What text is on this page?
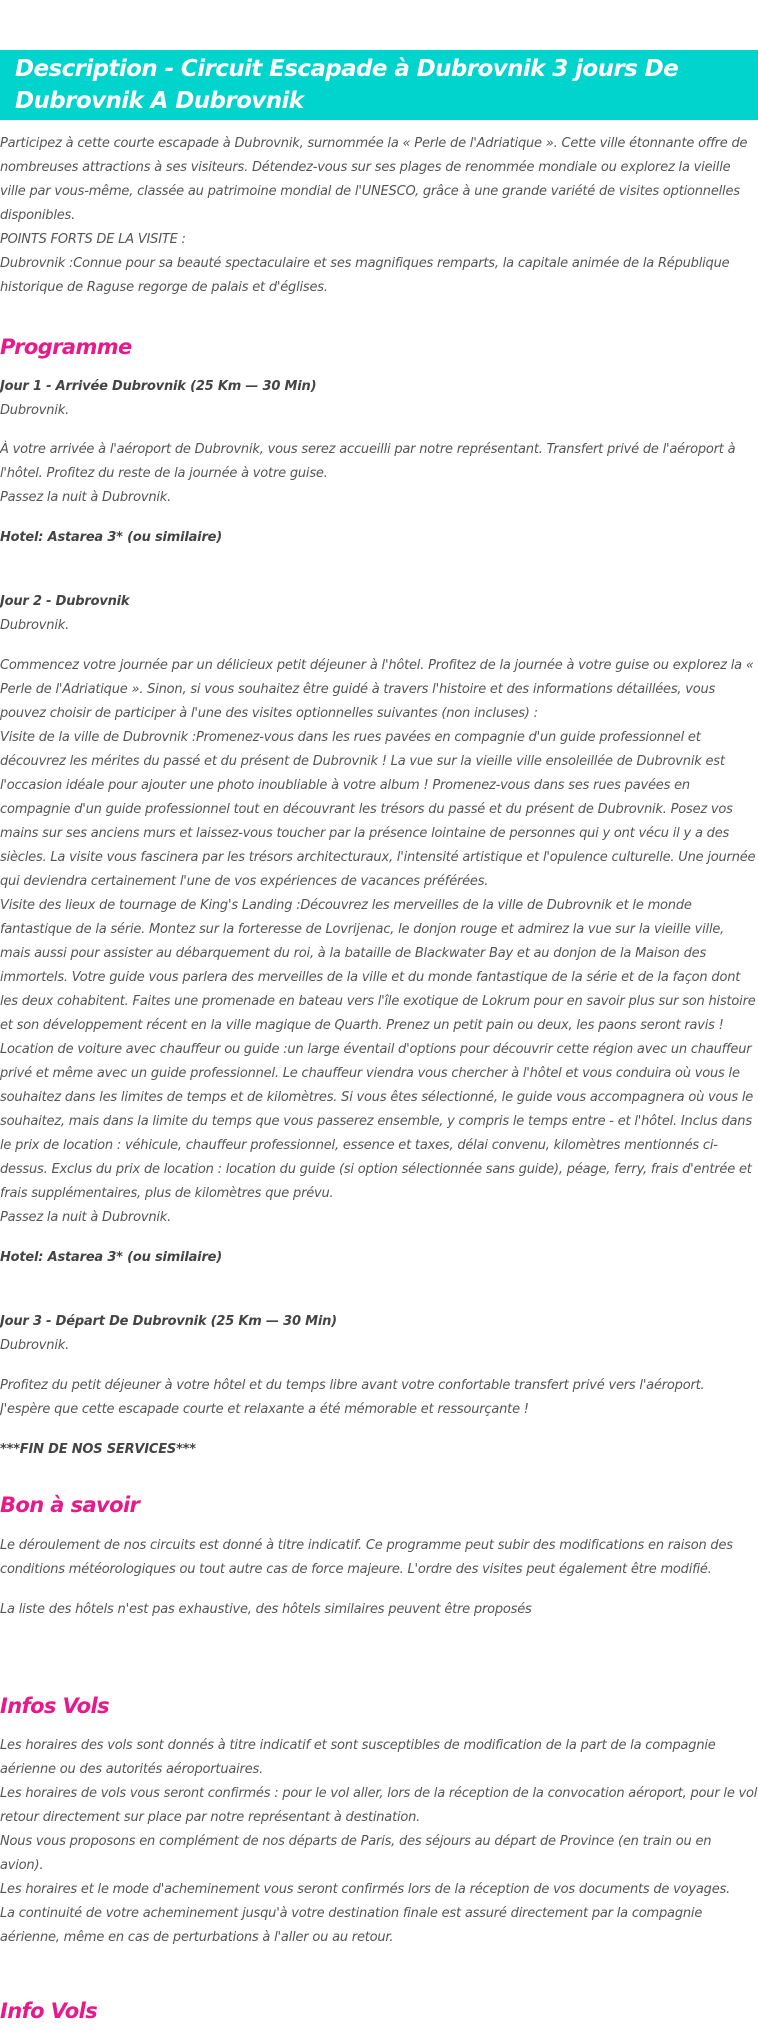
Description - Circuit Escapade à Dubrovnik 3 jours De Dubrovnik A Dubrovnik

Participez à cette courte escapade à Dubrovnik, surnommée la « Perle de l'Adriatique ». Cette ville étonnante offre de nombreuses attractions à ses visiteurs. Détendez-vous sur ses plages de renommée mondiale ou explorez la vieille ville par vous-même, classée au patrimoine mondial de l'UNESCO, grâce à une grande variété de visites optionnelles disponibles.
POINTS FORTS DE LA VISITE :
Dubrovnik :Connue pour sa beauté spectaculaire et ses magnifiques remparts, la capitale animée de la République historique de Raguse regorge de palais et d'églises.

Programme

Jour 1 - Arrivée Dubrovnik (25 Km — 30 Min)

Dubrovnik.

À votre arrivée à l'aéroport de Dubrovnik, vous serez accueilli par notre représentant. Transfert privé de l'aéroport à l'hôtel. Profitez du reste de la journée à votre guise.
Passez la nuit à Dubrovnik.

Hotel: Astarea 3* (ou similaire)

Jour 2 - Dubrovnik

Dubrovnik.

Commencez votre journée par un délicieux petit déjeuner à l'hôtel. Profitez de la journée à votre guise ou explorez la « Perle de l'Adriatique ». Sinon, si vous souhaitez être guidé à travers l'histoire et des informations détaillées, vous pouvez choisir de participer à l'une des visites optionnelles suivantes (non incluses) :
Visite de la ville de Dubrovnik :Promenez-vous dans les rues pavées en compagnie d'un guide professionnel et découvrez les mérites du passé et du présent de Dubrovnik ! La vue sur la vieille ville ensoleillée de Dubrovnik est l'occasion idéale pour ajouter une photo inoubliable à votre album ! Promenez-vous dans ses rues pavées en compagnie d'un guide professionnel tout en découvrant les trésors du passé et du présent de Dubrovnik. Posez vos mains sur ses anciens murs et laissez-vous toucher par la présence lointaine de personnes qui y ont vécu il y a des siècles. La visite vous fascinera par les trésors architecturaux, l'intensité artistique et l'opulence culturelle. Une journée qui deviendra certainement l'une de vos expériences de vacances préférées.
Visite des lieux de tournage de King's Landing :Découvrez les merveilles de la ville de Dubrovnik et le monde fantastique de la série. Montez sur la forteresse de Lovrijenac, le donjon rouge et admirez la vue sur la vieille ville, mais aussi pour assister au débarquement du roi, à la bataille de Blackwater Bay et au donjon de la Maison des immortels. Votre guide vous parlera des merveilles de la ville et du monde fantastique de la série et de la façon dont les deux cohabitent. Faites une promenade en bateau vers l'île exotique de Lokrum pour en savoir plus sur son histoire et son développement récent en la ville magique de Quarth. Prenez un petit pain ou deux, les paons seront ravis !
Location de voiture avec chauffeur ou guide :un large éventail d'options pour découvrir cette région avec un chauffeur privé et même avec un guide professionnel. Le chauffeur viendra vous chercher à l'hôtel et vous conduira où vous le souhaitez dans les limites de temps et de kilomètres. Si vous êtes sélectionné, le guide vous accompagnera où vous le souhaitez, mais dans la limite du temps que vous passerez ensemble, y compris le temps entre - et l'hôtel. Inclus dans le prix de location : véhicule, chauffeur professionnel, essence et taxes, délai convenu, kilomètres mentionnés ci-dessus. Exclus du prix de location : location du guide (si option sélectionnée sans guide), péage, ferry, frais d'entrée et frais supplémentaires, plus de kilomètres que prévu.
Passez la nuit à Dubrovnik.

Hotel: Astarea 3* (ou similaire)

Jour 3 - Départ De Dubrovnik (25 Km — 30 Min)

Dubrovnik.

Profitez du petit déjeuner à votre hôtel et du temps libre avant votre confortable transfert privé vers l'aéroport. J'espère que cette escapade courte et relaxante a été mémorable et ressourçante !

***FIN DE NOS SERVICES***

Bon à savoir

Le déroulement de nos circuits est donné à titre indicatif. Ce programme peut subir des modifications en raison des conditions météorologiques ou tout autre cas de force majeure. L'ordre des visites peut également être modifié.

La liste des hôtels n'est pas exhaustive, des hôtels similaires peuvent être proposés

Infos Vols

Les horaires des vols sont donnés à titre indicatif et sont susceptibles de modification de la part de la compagnie aérienne ou des autorités aéroportuaires.
Les horaires de vols vous seront confirmés : pour le vol aller, lors de la réception de la convocation aéroport, pour le vol retour directement sur place par notre représentant à destination.
Nous vous proposons en complément de nos départs de Paris, des séjours au départ de Province (en train ou en avion).
Les horaires et le mode d'acheminement vous seront confirmés lors de la réception de vos documents de voyages.
La continuité de votre acheminement jusqu'à votre destination finale est assuré directement par la compagnie aérienne, même en cas de perturbations à l'aller ou au retour.

Info Vols
